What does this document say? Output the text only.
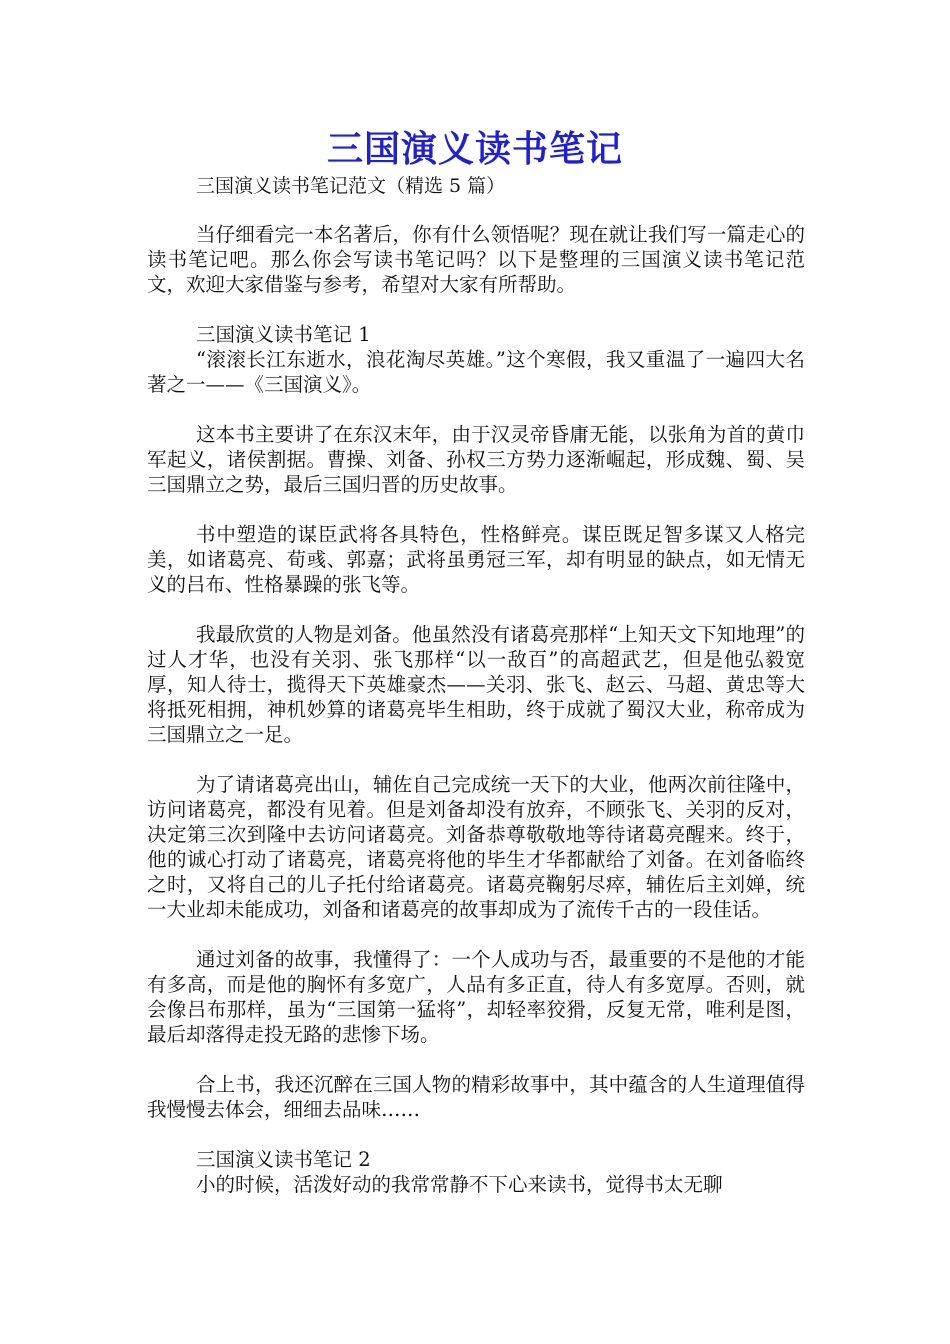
三国演义读书笔记

三国演义读书笔记范文（精选 5 篇）

当仔细看完一本名著后，你有什么领悟呢？现在就让我们写一篇走心的读书笔记吧。那么你会写读书笔记吗？以下是整理的三国演义读书笔记范文，欢迎大家借鉴与参考，希望对大家有所帮助。

三国演义读书笔记 1

“滚滚长江东逝水，浪花淘尽英雄。”这个寒假，我又重温了一遍四大名著之一——《三国演义》。

这本书主要讲了在东汉末年，由于汉灵帝昏庸无能，以张角为首的黄巾军起义，诸侯割据。曹操、刘备、孙权三方势力逐渐崛起，形成魏、蜀、吴三国鼎立之势，最后三国归晋的历史故事。

书中塑造的谋臣武将各具特色，性格鲜亮。谋臣既足智多谋又人格完美，如诸葛亮、荀彧、郭嘉；武将虽勇冠三军，却有明显的缺点，如无情无义的吕布、性格暴躁的张飞等。

我最欣赏的人物是刘备。他虽然没有诸葛亮那样“上知天文下知地理”的过人才华，也没有关羽、张飞那样“以一敌百”的高超武艺，但是他弘毅宽厚，知人待士，揽得天下英雄豪杰——关羽、张飞、赵云、马超、黄忠等大将抵死相拥，神机妙算的诸葛亮毕生相助，终于成就了蜀汉大业，称帝成为三国鼎立之一足。

为了请诸葛亮出山，辅佐自己完成统一天下的大业，他两次前往隆中，访问诸葛亮，都没有见着。但是刘备却没有放弃，不顾张飞、关羽的反对，决定第三次到隆中去访问诸葛亮。刘备恭尊敬敬地等待诸葛亮醒来。终于，他的诚心打动了诸葛亮，诸葛亮将他的毕生才华都献给了刘备。在刘备临终之时，又将自己的儿子托付给诸葛亮。诸葛亮鞠躬尽瘁，辅佐后主刘婵，统一大业却未能成功，刘备和诸葛亮的故事却成为了流传千古的一段佳话。

通过刘备的故事，我懂得了：一个人成功与否，最重要的不是他的才能有多高，而是他的胸怀有多宽广，人品有多正直，待人有多宽厚。否则，就会像吕布那样，虽为“三国第一猛将”，却轻率狡猾，反复无常，唯利是图，最后却落得走投无路的悲惨下场。

合上书，我还沉醉在三国人物的精彩故事中，其中蕴含的人生道理值得我慢慢去体会，细细去品味……

三国演义读书笔记 2

小的时候，活泼好动的我常常静不下心来读书，觉得书太无聊
